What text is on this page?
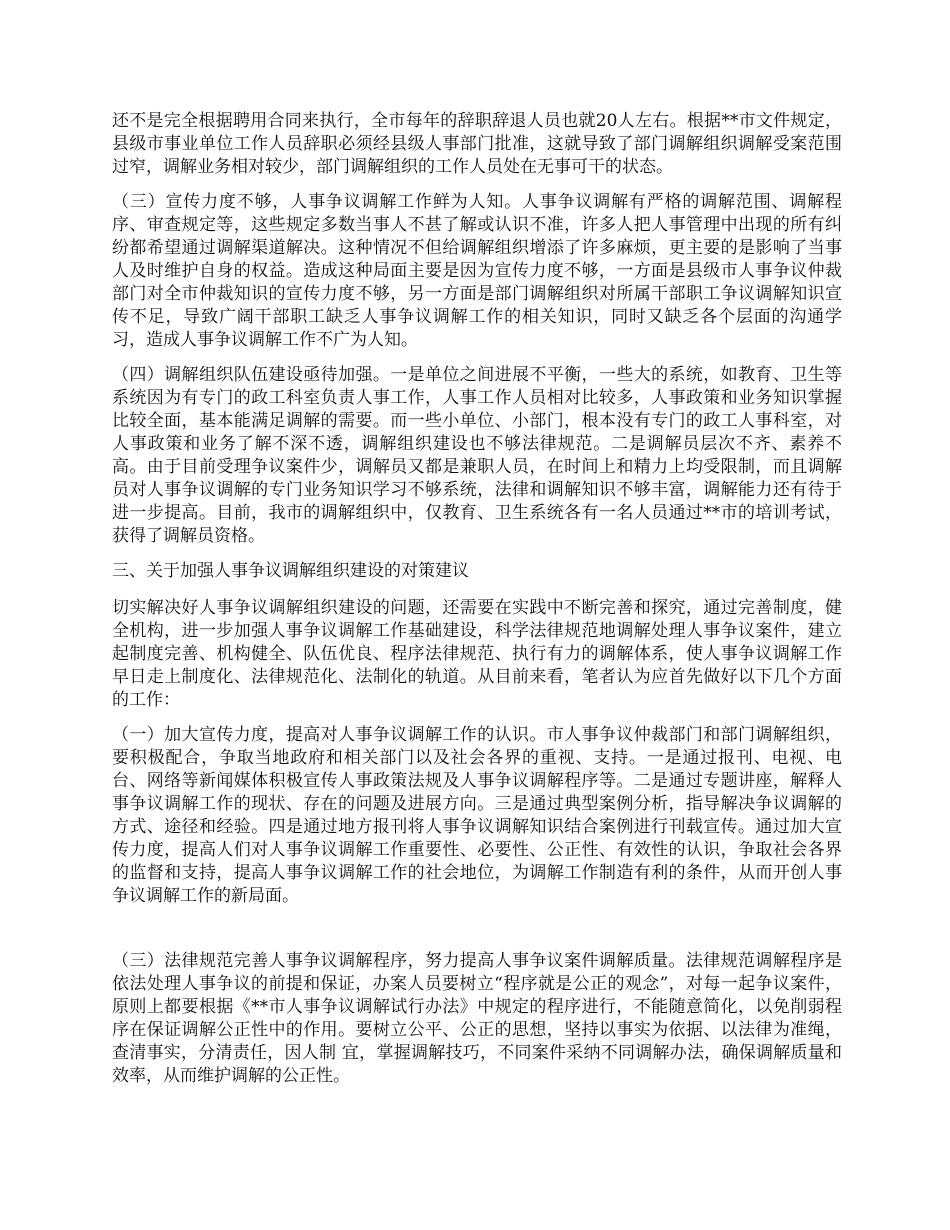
还不是完全根据聘用合同来执行，全市每年的辞职辞退人员也就20人左右。根据**市文件规定，县级市事业单位工作人员辞职必须经县级人事部门批准，这就导致了部门调解组织调解受案范围过窄，调解业务相对较少，部门调解组织的工作人员处在无事可干的状态。

（三）宣传力度不够，人事争议调解工作鲜为人知。人事争议调解有严格的调解范围、调解程序、审查规定等，这些规定多数当事人不甚了解或认识不准，许多人把人事管理中出现的所有纠纷都希望通过调解渠道解决。这种情况不但给调解组织增添了许多麻烦，更主要的是影响了当事人及时维护自身的权益。造成这种局面主要是因为宣传力度不够，一方面是县级市人事争议仲裁部门对全市仲裁知识的宣传力度不够，另一方面是部门调解组织对所属干部职工争议调解知识宣传不足，导致广阔干部职工缺乏人事争议调解工作的相关知识，同时又缺乏各个层面的沟通学习，造成人事争议调解工作不广为人知。

（四）调解组织队伍建设亟待加强。一是单位之间进展不平衡，一些大的系统，如教育、卫生等系统因为有专门的政工科室负责人事工作，人事工作人员相对比较多，人事政策和业务知识掌握比较全面，基本能满足调解的需要。而一些小单位、小部门，根本没有专门的政工人事科室，对人事政策和业务了解不深不透，调解组织建设也不够法律规范。二是调解员层次不齐、素养不高。由于目前受理争议案件少，调解员又都是兼职人员，在时间上和精力上均受限制，而且调解员对人事争议调解的专门业务知识学习不够系统，法律和调解知识不够丰富，调解能力还有待于进一步提高。目前，我市的调解组织中，仅教育、卫生系统各有一名人员通过**市的培训考试，获得了调解员资格。

三、关于加强人事争议调解组织建设的对策建议

切实解决好人事争议调解组织建设的问题，还需要在实践中不断完善和探究，通过完善制度，健全机构，进一步加强人事争议调解工作基础建设，科学法律规范地调解处理人事争议案件，建立起制度完善、机构健全、队伍优良、程序法律规范、执行有力的调解体系，使人事争议调解工作早日走上制度化、法律规范化、法制化的轨道。从目前来看，笔者认为应首先做好以下几个方面的工作：

（一）加大宣传力度，提高对人事争议调解工作的认识。市人事争议仲裁部门和部门调解组织，要积极配合，争取当地政府和相关部门以及社会各界的重视、支持。一是通过报刊、电视、电台、网络等新闻媒体积极宣传人事政策法规及人事争议调解程序等。二是通过专题讲座，解释人事争议调解工作的现状、存在的问题及进展方向。三是通过典型案例分析，指导解决争议调解的方式、途径和经验。四是通过地方报刊将人事争议调解知识结合案例进行刊载宣传。通过加大宣传力度，提高人们对人事争议调解工作重要性、必要性、公正性、有效性的认识，争取社会各界的监督和支持，提高人事争议调解工作的社会地位，为调解工作制造有利的条件，从而开创人事争议调解工作的新局面。

（三）法律规范完善人事争议调解程序，努力提高人事争议案件调解质量。法律规范调解程序是依法处理人事争议的前提和保证，办案人员要树立“程序就是公正的观念”，对每一起争议案件，原则上都要根据《**市人事争议调解试行办法》中规定的程序进行，不能随意简化，以免削弱程序在保证调解公正性中的作用。要树立公平、公正的思想，坚持以事实为依据、以法律为准绳，查清事实，分清责任，因人制 宜，掌握调解技巧，不同案件采纳不同调解办法，确保调解质量和效率，从而维护调解的公正性。
